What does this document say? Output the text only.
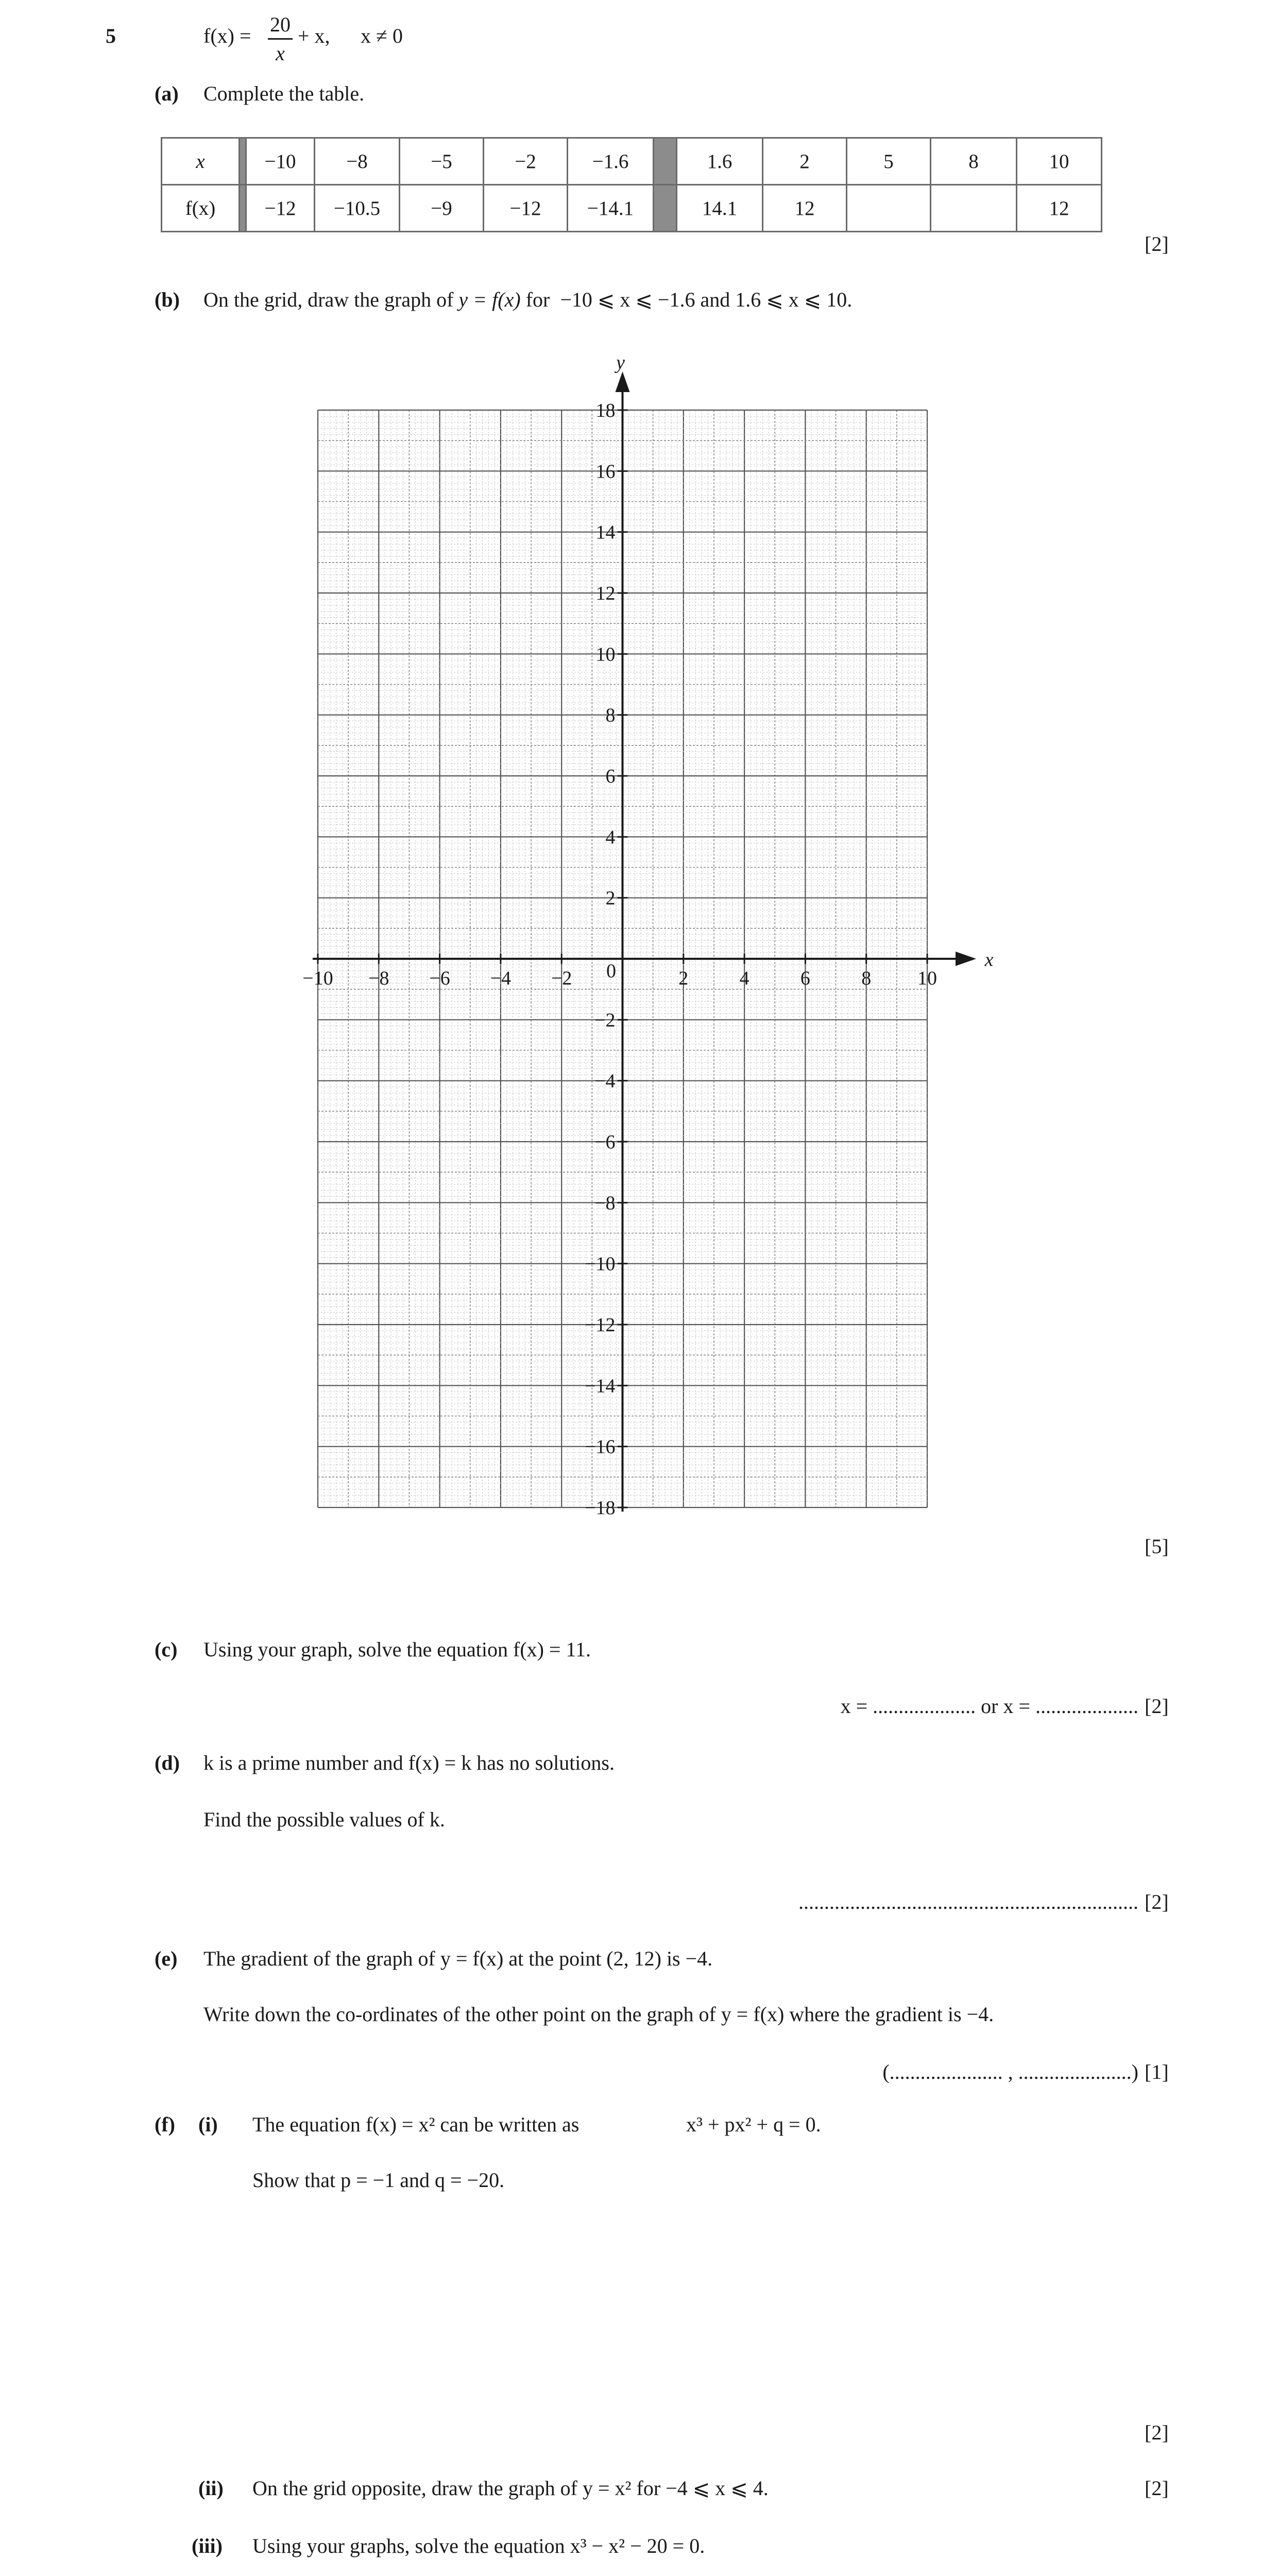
5	f(x) = 20
x
+ x, x ≠ 0
(a) Complete the table.
x		−10	−8	−5	−2	−1.6		1.6	2	5	8	10
f(x)		−12	−10.5	−9	−12	−14.1		14.1	12			12
[2]
(b) On the grid, draw the graph of y = f(x) for −10 ⩽ x ⩽ −1.6 and 1.6 ⩽ x ⩽ 10.
−10 −8 −6 −4 −2	2	4	6	8 10
18
16
14
12
10
8
6
4
2
−2
−4
−6
−8
−10
−12
−14
−16
−18
0
x
y
[5]
(c) Using your graph, solve the equation f(x) = 11.
x = .................... or x = .................... [2]
(d) k is a prime number and f(x) = k has no solutions.
Find the possible values of k.
.................................................................. [2]
(e) The gradient of the graph of y = f(x) at the point (2, 12) is −4.
Write down the co-ordinates of the other point on the graph of y = f(x) where the gradient is −4.
(...................... , ......................) [1]
(f) (i) The equation f(x) = x² can be written as	x³ + px² + q = 0.
Show that p = −1 and q = −20.
[2]
(ii) On the grid opposite, draw the graph of y = x² for −4 ⩽ x ⩽ 4.	[2]
(iii) Using your graphs, solve the equation x³ − x² − 20 = 0.
